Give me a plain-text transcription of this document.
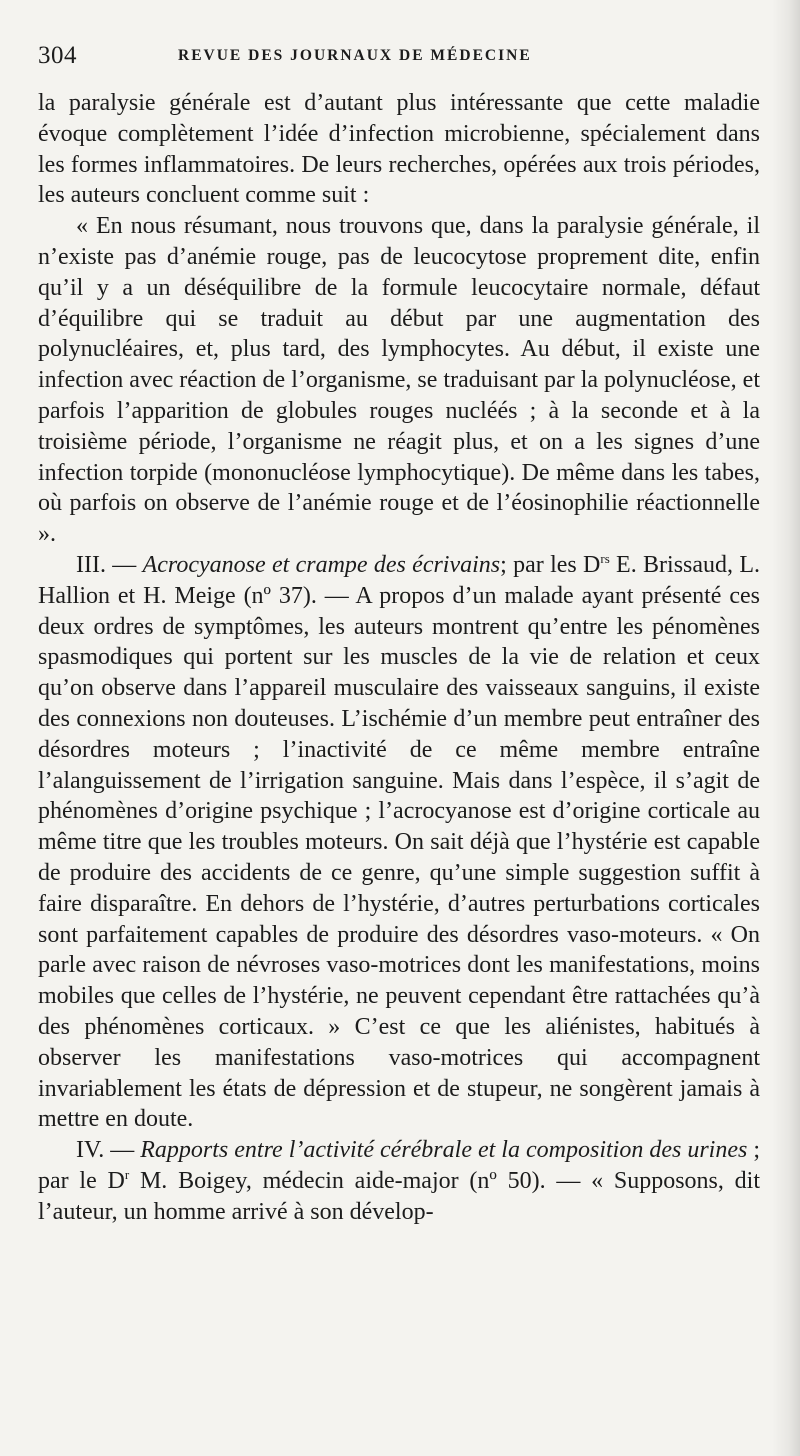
304	REVUE DES JOURNAUX DE MÉDECINE

la paralysie générale est d’autant plus intéressante que cette maladie évoque complètement l’idée d’infection microbienne, spécialement dans les formes inflammatoires. De leurs recherches, opérées aux trois périodes, les auteurs concluent comme suit :

« En nous résumant, nous trouvons que, dans la paralysie générale, il n’existe pas d’anémie rouge, pas de leucocytose proprement dite, enfin qu’il y a un déséquilibre de la formule leucocytaire normale, défaut d’équilibre qui se traduit au début par une augmentation des polynucléaires, et, plus tard, des lymphocytes. Au début, il existe une infection avec réaction de l’organisme, se traduisant par la polynucléose, et parfois l’apparition de globules rouges nucléés ; à la seconde et à la troisième période, l’organisme ne réagit plus, et on a les signes d’une infection torpide (mononucléose lymphocytique). De même dans les tabes, où parfois on observe de l’anémie rouge et de l’éosinophilie réactionnelle ».

III. — Acrocyanose et crampe des écrivains; par les $D^{rs}$ E. Brissaud, L. Hallion et H. Meige (nº 37). — A propos d’un malade ayant présenté ces deux ordres de symptômes, les auteurs montrent qu’entre les pénomènes spasmodiques qui portent sur les muscles de la vie de relation et ceux qu’on observe dans l’appareil musculaire des vaisseaux sanguins, il existe des connexions non douteuses. L’ischémie d’un membre peut entraîner des désordres moteurs ; l’inactivité de ce même membre entraîne l’alanguissement de l’irrigation sanguine. Mais dans l’espèce, il s’agit de phénomènes d’origine psychique ; l’acrocyanose est d’origine corticale au même titre que les troubles moteurs. On sait déjà que l’hystérie est capable de produire des accidents de ce genre, qu’une simple suggestion suffit à faire disparaître. En dehors de l’hystérie, d’autres perturbations corticales sont parfaitement capables de produire des désordres vaso-moteurs. « On parle avec raison de névroses vaso-motrices dont les manifestations, moins mobiles que celles de l’hystérie, ne peuvent cependant être rattachées qu’à des phénomènes corticaux. » C’est ce que les aliénistes, habitués à observer les manifestations vaso-motrices qui accompagnent invariablement les états de dépression et de stupeur, ne songèrent jamais à mettre en doute.

IV. — Rapports entre l’activité cérébrale et la composition des urines ; par le $D^r$ M. Boigey, médecin aide-major (nº 50). — « Supposons, dit l’auteur, un homme arrivé à son dévelop-
